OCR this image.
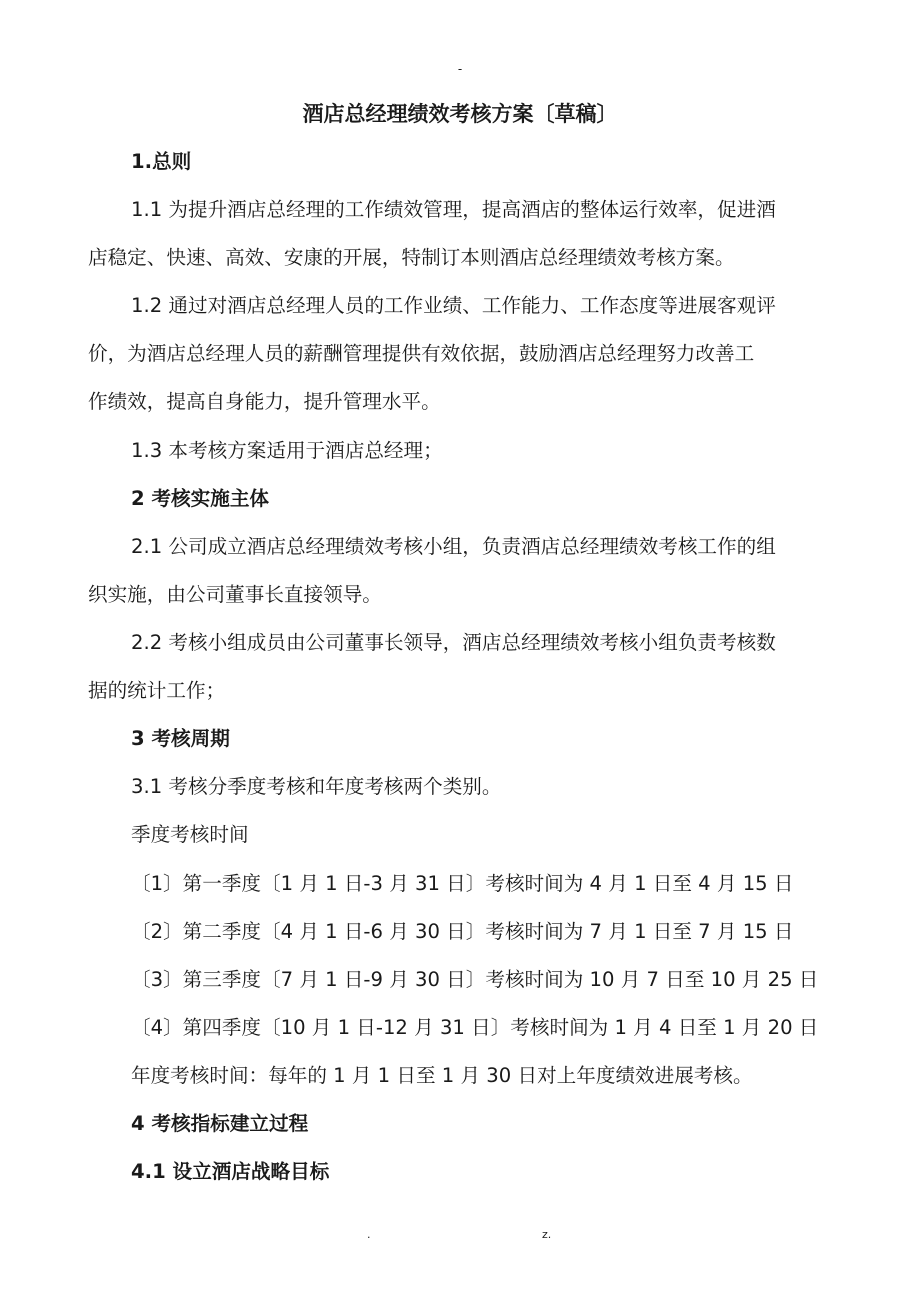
-
酒店总经理绩效考核方案〔草稿〕
1.总则
1.1 为提升酒店总经理的工作绩效管理，提高酒店的整体运行效率，促进酒
店稳定、快速、高效、安康的开展，特制订本则酒店总经理绩效考核方案。
1.2 通过对酒店总经理人员的工作业绩、工作能力、工作态度等进展客观评
价，为酒店总经理人员的薪酬管理提供有效依据，鼓励酒店总经理努力改善工
作绩效，提高自身能力，提升管理水平。
1.3 本考核方案适用于酒店总经理；
2 考核实施主体
2.1 公司成立酒店总经理绩效考核小组，负责酒店总经理绩效考核工作的组
织实施，由公司董事长直接领导。
2.2 考核小组成员由公司董事长领导，酒店总经理绩效考核小组负责考核数
据的统计工作；
3 考核周期
3.1 考核分季度考核和年度考核两个类别。
季度考核时间
〔1〕第一季度〔1 月 1 日-3 月 31 日〕考核时间为 4 月 1 日至 4 月 15 日
〔2〕第二季度〔4 月 1 日-6 月 30 日〕考核时间为 7 月 1 日至 7 月 15 日
〔3〕第三季度〔7 月 1 日-9 月 30 日〕考核时间为 10 月 7 日至 10 月 25 日
〔4〕第四季度〔10 月 1 日-12 月 31 日〕考核时间为 1 月 4 日至 1 月 20 日
年度考核时间：每年的 1 月 1 日至 1 月 30 日对上年度绩效进展考核。
4 考核指标建立过程
4.1 设立酒店战略目标
.	z.
